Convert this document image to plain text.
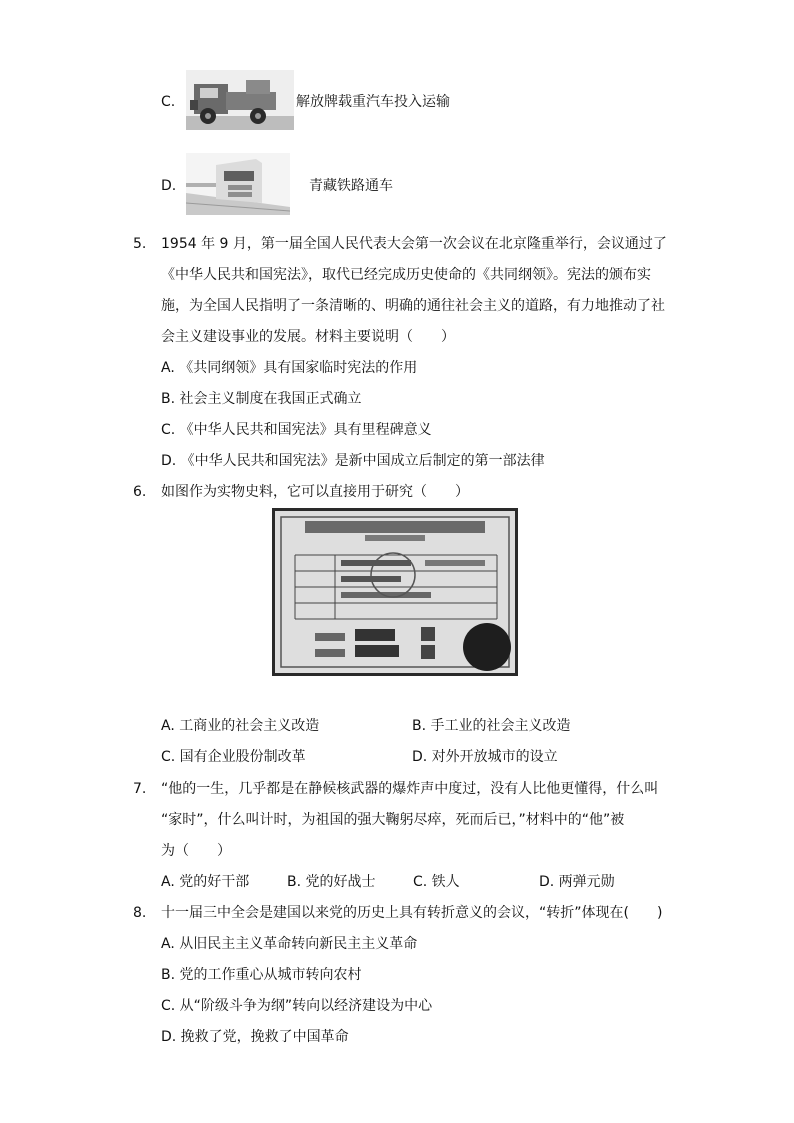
C.	解放牌载重汽车投入运输
D.	青藏铁路通车
5. 1954 年 9 月，第一届全国人民代表大会第一次会议在北京隆重举行，会议通过了
《中华人民共和国宪法》，取代已经完成历史使命的《共同纲领》。宪法的颁布实
施，为全国人民指明了一条清晰的、明确的通往社会主义的道路，有力地推动了社
会主义建设事业的发展。材料主要说明（　　）
A. 《共同纲领》具有国家临时宪法的作用
B. 社会主义制度在我国正式确立
C. 《中华人民共和国宪法》具有里程碑意义
D. 《中华人民共和国宪法》是新中国成立后制定的第一部法律
6. 如图作为实物史料，它可以直接用于研究（　　）
A. 工商业的社会主义改造	B. 手工业的社会主义改造
C. 国有企业股份制改革	D. 对外开放城市的设立
7. “他的一生，几乎都是在静候核武器的爆炸声中度过，没有人比他更懂得，什么叫
“家时”，什么叫计时，为祖国的强大鞠躬尽瘁，死而后已，”材料中的“他”被
为（　　）
A. 党的好干部	B. 党的好战士	C. 铁人	D. 两弹元勋
8. 十一届三中全会是建国以来党的历史上具有转折意义的会议，“转折”体现在(　　)
A. 从旧民主主义革命转向新民主主义革命
B. 党的工作重心从城市转向农村
C. 从“阶级斗争为纲”转向以经济建设为中心
D. 挽救了党，挽救了中国革命
